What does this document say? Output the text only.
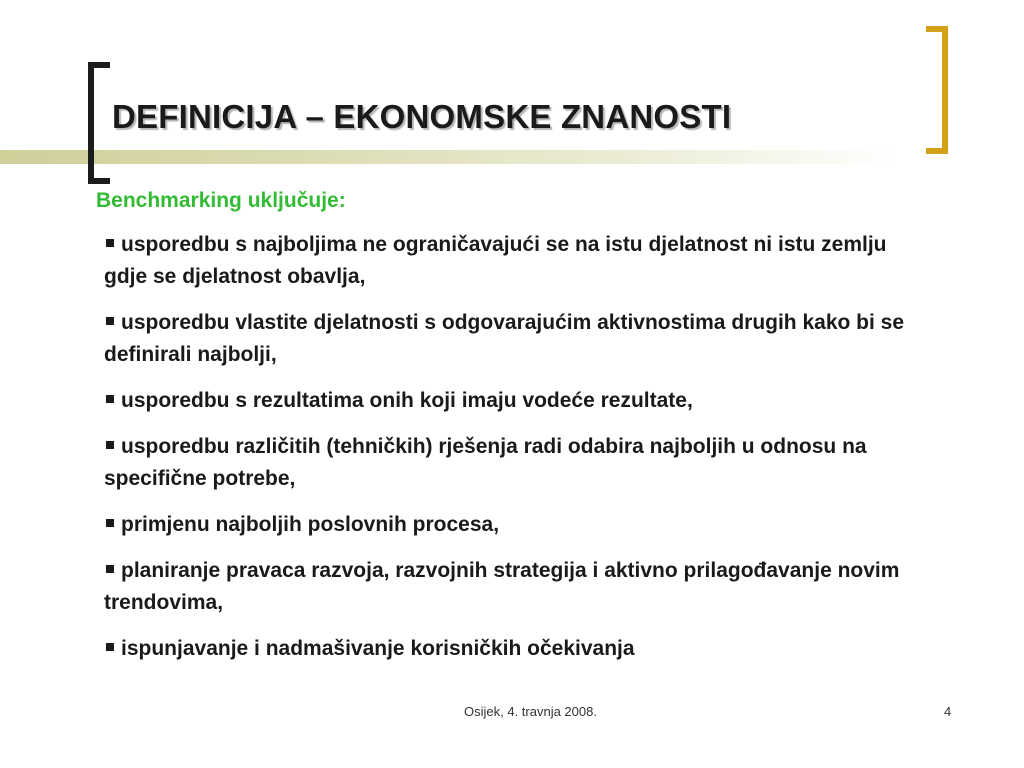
DEFINICIJA – EKONOMSKE ZNANOSTI
Benchmarking uključuje:
usporedbu s najboljima ne ograničavajući se na istu djelatnost ni istu zemlju gdje se djelatnost obavlja,
usporedbu vlastite djelatnosti s odgovarajućim aktivnostima drugih kako bi se definirali najbolji,
usporedbu s rezultatima onih koji imaju vodeće rezultate,
usporedbu različitih (tehničkih) rješenja radi odabira najboljih u odnosu na specifične potrebe,
primjenu najboljih poslovnih procesa,
planiranje pravaca razvoja, razvojnih strategija i aktivno prilagođavanje novim trendovima,
ispunjavanje i nadmašivanje korisničkih očekivanja
Osijek, 4. travnja 2008.	4
